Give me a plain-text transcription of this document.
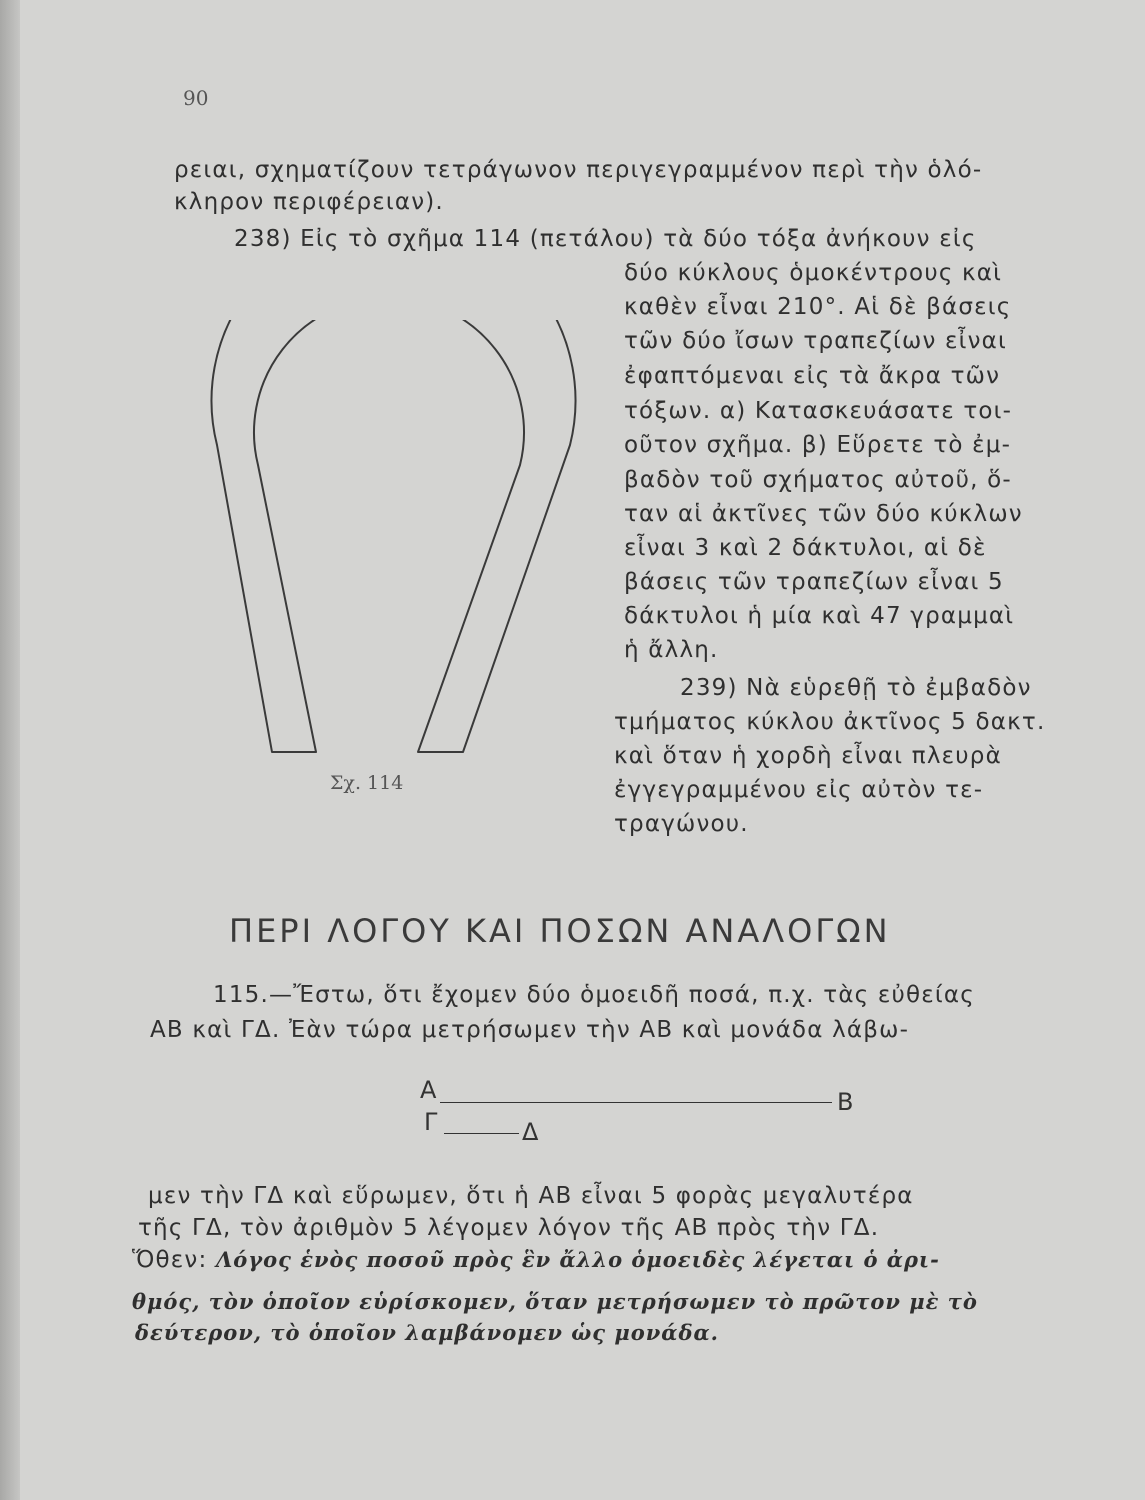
90
ρειαι, σχηματίζουν τετράγωνον περιγεγραμμένον περὶ τὴν ὁλό-
κληρον περιφέρειαν).
238) Εἰς τὸ σχῆμα 114 (πετάλου) τὰ δύο τόξα ἀνήκουν εἰς
δύο κύκλους ὁμοκέντρους καὶ
καθὲν εἶναι 210°. Αἱ δὲ βάσεις
τῶν δύο ἴσων τραπεζίων εἶναι
ἐφαπτόμεναι εἰς τὰ ἄκρα τῶν
τόξων. α) Κατασκευάσατε τοι-
οῦτον σχῆμα. β) Εὕρετε τὸ ἐμ-
βαδὸν τοῦ σχήματος αὐτοῦ, ὅ-
ταν αἱ ἀκτῖνες τῶν δύο κύκλων
εἶναι 3 καὶ 2 δάκτυλοι, αἱ δὲ
βάσεις τῶν τραπεζίων εἶναι 5
δάκτυλοι ἡ μία καὶ 47 γραμμαὶ
ἡ ἄλλη.
239) Νὰ εὑρεθῇ τὸ ἐμβαδὸν
τμήματος κύκλου ἀκτῖνος 5 δακτ.
καὶ ὅταν ἡ χορδὴ εἶναι πλευρὰ
ἐγγεγραμμένου εἰς αὐτὸν τε-
τραγώνου.
Σχ. 114
ΠΕΡΙ ΛΟΓΟΥ ΚΑΙ ΠΟΣΩΝ ΑΝΑΛΟΓΩΝ
115.—Ἔστω, ὅτι ἔχομεν δύο ὁμοειδῆ ποσά, π.χ. τὰς εὐθείας
ΑΒ καὶ ΓΔ. Ἐὰν τώρα μετρήσωμεν τὴν ΑΒ καὶ μονάδα λάβω-
Α	Β
Γ	Δ
μεν τὴν ΓΔ καὶ εὕρωμεν, ὅτι ἡ ΑΒ εἶναι 5 φορὰς μεγαλυτέρα
τῆς ΓΔ, τὸν ἀριθμὸν 5 λέγομεν λόγον τῆς ΑΒ πρὸς τὴν ΓΔ.
Ὅθεν: Λόγος ἑνὸς ποσοῦ πρὸς ἓν ἄλλο ὁμοειδὲς λέγεται ὁ ἀρι-
θμός, τὸν ὁποῖον εὑρίσκομεν, ὅταν μετρήσωμεν τὸ πρῶτον μὲ τὸ
δεύτερον, τὸ ὁποῖον λαμβάνομεν ὡς μονάδα.
